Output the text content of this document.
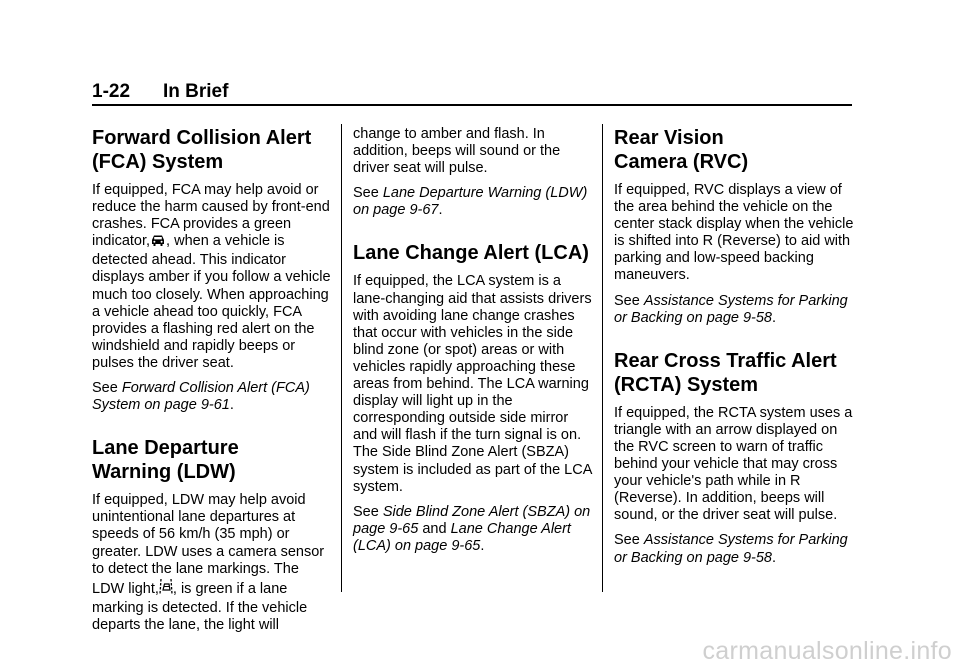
1-22 In Brief
Forward Collision Alert
(FCA) System

If equipped, FCA may help avoid or reduce the harm caused by front-end crashes. FCA provides a green indicator, , when a vehicle is detected ahead. This indicator displays amber if you follow a vehicle much too closely. When approaching a vehicle ahead too quickly, FCA provides a flashing red alert on the windshield and rapidly beeps or pulses the driver seat.

See Forward Collision Alert (FCA) System on page 9-61.

Lane Departure
Warning (LDW)

If equipped, LDW may help avoid unintentional lane departures at speeds of 56 km/h (35 mph) or greater. LDW uses a camera sensor to detect the lane markings. The LDW light, , is green if a lane marking is detected. If the vehicle departs the lane, the light will

change to amber and flash. In addition, beeps will sound or the driver seat will pulse.

See Lane Departure Warning (LDW) on page 9-67.

Lane Change Alert (LCA)

If equipped, the LCA system is a lane-changing aid that assists drivers with avoiding lane change crashes that occur with vehicles in the side blind zone (or spot) areas or with vehicles rapidly approaching these areas from behind. The LCA warning display will light up in the corresponding outside side mirror and will flash if the turn signal is on. The Side Blind Zone Alert (SBZA) system is included as part of the LCA system.

See Side Blind Zone Alert (SBZA) on page 9-65 and Lane Change Alert (LCA) on page 9-65.

Rear Vision
Camera (RVC)

If equipped, RVC displays a view of the area behind the vehicle on the center stack display when the vehicle is shifted into R (Reverse) to aid with parking and low-speed backing maneuvers.

See Assistance Systems for Parking or Backing on page 9-58.

Rear Cross Traffic Alert
(RCTA) System

If equipped, the RCTA system uses a triangle with an arrow displayed on the RVC screen to warn of traffic behind your vehicle that may cross your vehicle's path while in R (Reverse). In addition, beeps will sound, or the driver seat will pulse.

See Assistance Systems for Parking or Backing on page 9-58.

carmanualsonline.info
